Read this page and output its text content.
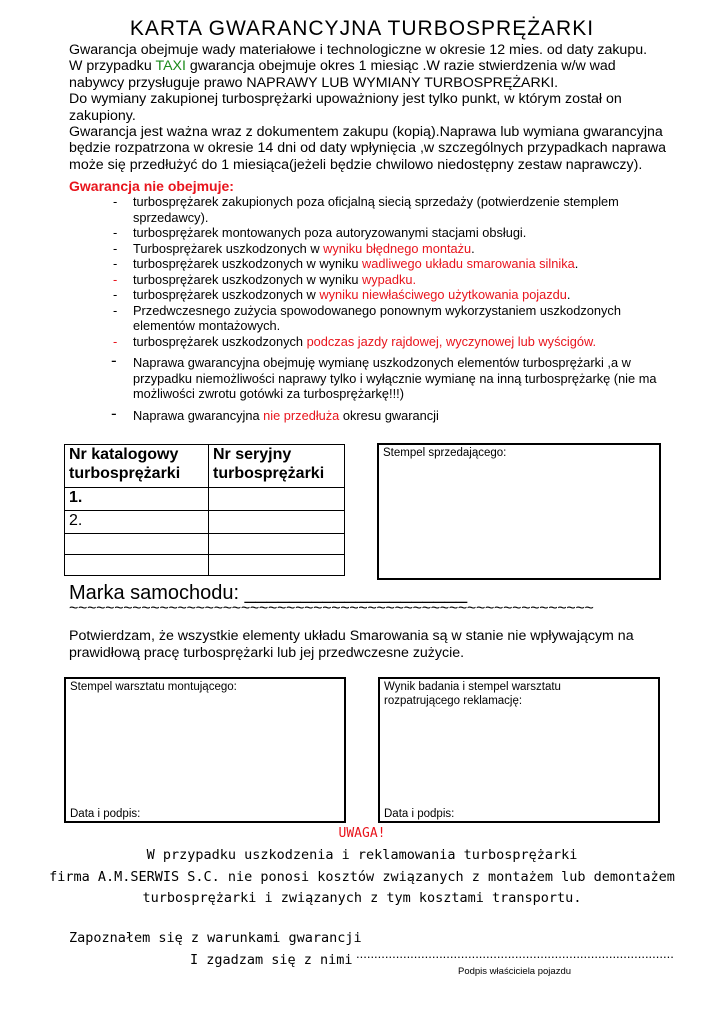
KARTA GWARANCYJNA TURBOSPRĘŻARKI
Gwarancja obejmuje wady materiałowe i technologiczne w okresie 12 mies. od daty zakupu.
W przypadku TAXI gwarancja obejmuje okres 1 miesiąc .W razie stwierdzenia w/w wad
nabywcy przysługuje prawo NAPRAWY LUB WYMIANY TURBOSPRĘŻARKI.
Do wymiany zakupionej turbosprężarki upoważniony jest tylko punkt, w którym został on zakupiony.
Gwarancja jest ważna wraz z dokumentem zakupu (kopią).Naprawa lub wymiana gwarancyjna będzie rozpatrzona w okresie 14 dni od daty wpłynięcia ,w szczególnych przypadkach naprawa może się przedłużyć do 1 miesiąca(jeżeli będzie chwilowo niedostępny zestaw naprawczy).
Gwarancja nie obejmuje:
- turbosprężarek zakupionych poza oficjalną siecią sprzedaży (potwierdzenie stemplem sprzedawcy).
- turbosprężarek montowanych poza autoryzowanymi stacjami obsługi.
- Turbosprężarek uszkodzonych w wyniku błędnego montażu.
- turbosprężarek uszkodzonych w wyniku wadliwego układu smarowania silnika.
- turbosprężarek uszkodzonych w wyniku wypadku.
- turbosprężarek uszkodzonych w wyniku niewłaściwego użytkowania pojazdu.
- Przedwczesnego zużycia spowodowanego ponownym wykorzystaniem uszkodzonych elementów montażowych.
- turbosprężarek uszkodzonych podczas jazdy rajdowej, wyczynowej lub wyścigów.
- Naprawa gwarancyjna obejmuję wymianę uszkodzonych elementów turbosprężarki ,a w przypadku niemożliwości naprawy tylko i wyłącznie wymianę na inną turbosprężarkę (nie ma możliwości zwrotu gotówki za turbosprężarkę!!!)
- Naprawa gwarancyjna nie przedłuża okresu gwarancji
Nr katalogowy turbosprężarki	Nr seryjny turbosprężarki
1.	
2.	

Stempel sprzedającego:
Marka samochodu: ____________________
~~~~~~~~~~~~~~~~~~~~~~~~~~~~~~~~~~~~~~~~~~~~~~~~~~~~~~~~~~
Potwierdzam, że wszystkie elementy układu Smarowania są w stanie nie wpływającym na prawidłową pracę turbosprężarki lub jej przedwczesne zużycie.
Stempel warsztatu montującego:
Data i podpis:
Wynik badania i stempel warsztatu rozpatrującego reklamację:
Data i podpis:
UWAGA!
W przypadku uszkodzenia i reklamowania turbosprężarki
firma A.M.SERWIS S.C. nie ponosi kosztów związanych z montażem lub demontażem
turbosprężarki i związanych z tym kosztami transportu.
Zapoznałem się z warunkami gwarancji
I zgadzam się z nimi ........................................................................................
Podpis właściciela pojazdu
